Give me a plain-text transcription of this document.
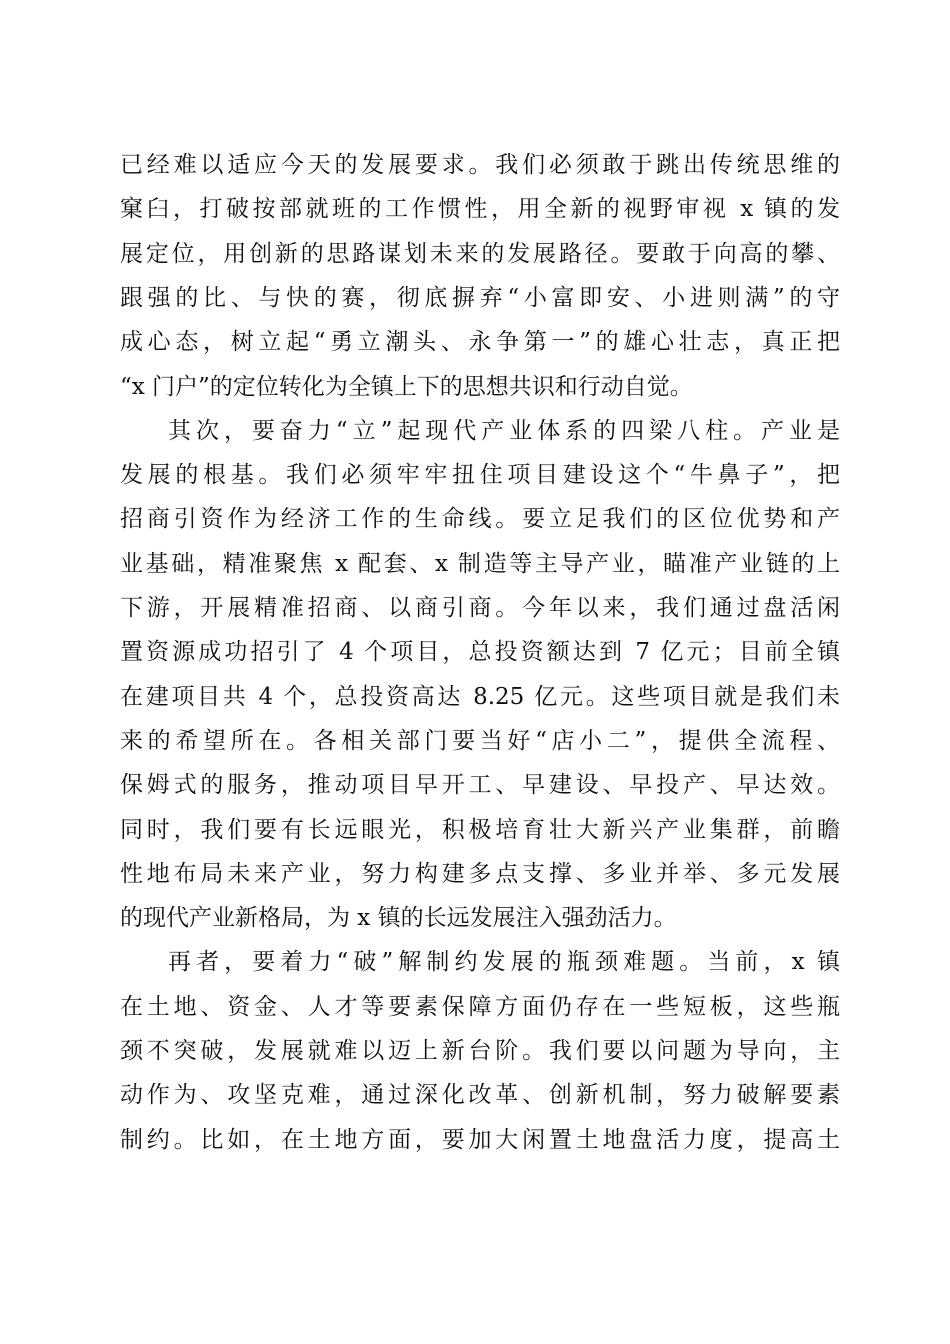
已经难以适应今天的发展要求。我们必须敢于跳出传统思维的
窠臼，打破按部就班的工作惯性，用全新的视野审视 x 镇的发
展定位，用创新的思路谋划未来的发展路径。要敢于向高的攀、
跟强的比、与快的赛，彻底摒弃“小富即安、小进则满”的守
成心态，树立起“勇立潮头、永争第一”的雄心壮志，真正把
“x 门户”的定位转化为全镇上下的思想共识和行动自觉。
其次，要奋力“立”起现代产业体系的四梁八柱。产业是
发展的根基。我们必须牢牢扭住项目建设这个“牛鼻子”，把
招商引资作为经济工作的生命线。要立足我们的区位优势和产
业基础，精准聚焦 x 配套、x 制造等主导产业，瞄准产业链的上
下游，开展精准招商、以商引商。今年以来，我们通过盘活闲
置资源成功招引了 4 个项目，总投资额达到 7 亿元；目前全镇
在建项目共 4 个，总投资高达 8.25 亿元。这些项目就是我们未
来的希望所在。各相关部门要当好“店小二”，提供全流程、
保姆式的服务，推动项目早开工、早建设、早投产、早达效。
同时，我们要有长远眼光，积极培育壮大新兴产业集群，前瞻
性地布局未来产业，努力构建多点支撑、多业并举、多元发展
的现代产业新格局，为 x 镇的长远发展注入强劲活力。
再者，要着力“破”解制约发展的瓶颈难题。当前，x 镇
在土地、资金、人才等要素保障方面仍存在一些短板，这些瓶
颈不突破，发展就难以迈上新台阶。我们要以问题为导向，主
动作为、攻坚克难，通过深化改革、创新机制，努力破解要素
制约。比如，在土地方面，要加大闲置土地盘活力度，提高土
